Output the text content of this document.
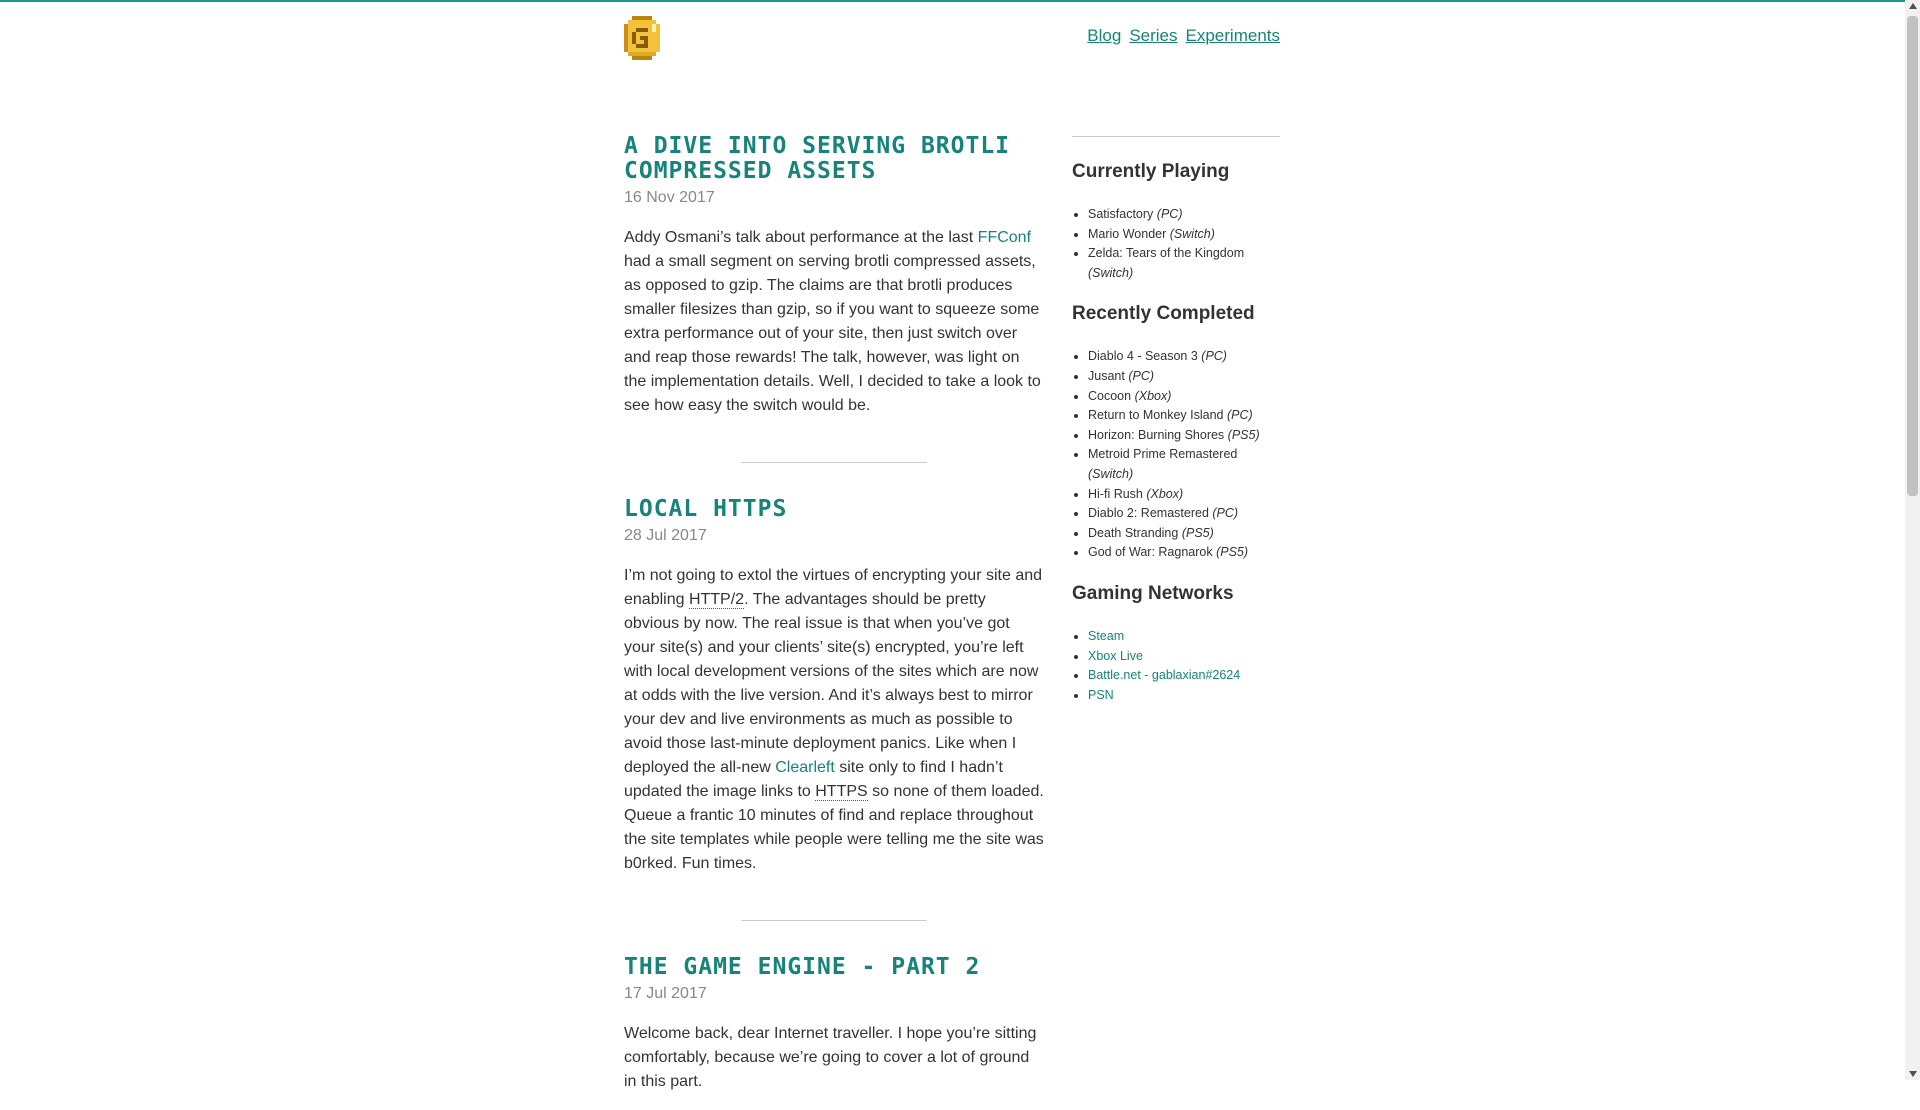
Blog Series Experiments
A DIVE INTO SERVING BROTLI COMPRESSED ASSETS
16 Nov 2017

Addy Osmani’s talk about performance at the last FFConf had a small segment on serving brotli compressed assets, as opposed to gzip. The claims are that brotli produces smaller filesizes than gzip, so if you want to squeeze some extra performance out of your site, then just switch over and reap those rewards! The talk, however, was light on the implementation details. Well, I decided to take a look to see how easy the switch would be.

LOCAL HTTPS
28 Jul 2017

I’m not going to extol the virtues of encrypting your site and enabling HTTP/2. The advantages should be pretty obvious by now. The real issue is that when you’ve got your site(s) and your clients’ site(s) encrypted, you’re left with local development versions of the sites which are now at odds with the live version. And it’s always best to mirror your dev and live environments as much as possible to avoid those last-minute deployment panics. Like when I deployed the all-new Clearleft site only to find I hadn’t updated the image links to HTTPS so none of them loaded. Queue a frantic 10 minutes of find and replace throughout the site templates while people were telling me the site was b0rked. Fun times.

THE GAME ENGINE - PART 2
17 Jul 2017

Welcome back, dear Internet traveller. I hope you’re sitting comfortably, because we’re going to cover a lot of ground in this part.

Currently Playing
• Satisfactory (PC)
• Mario Wonder (Switch)
• Zelda: Tears of the Kingdom (Switch)
Recently Completed
• Diablo 4 - Season 3 (PC)
• Jusant (PC)
• Cocoon (Xbox)
• Return to Monkey Island (PC)
• Horizon: Burning Shores (PS5)
• Metroid Prime Remastered (Switch)
• Hi-fi Rush (Xbox)
• Diablo 2: Remastered (PC)
• Death Stranding (PS5)
• God of War: Ragnarok (PS5)
Gaming Networks
• Steam
• Xbox Live
• Battle.net - gablaxian#2624
• PSN
